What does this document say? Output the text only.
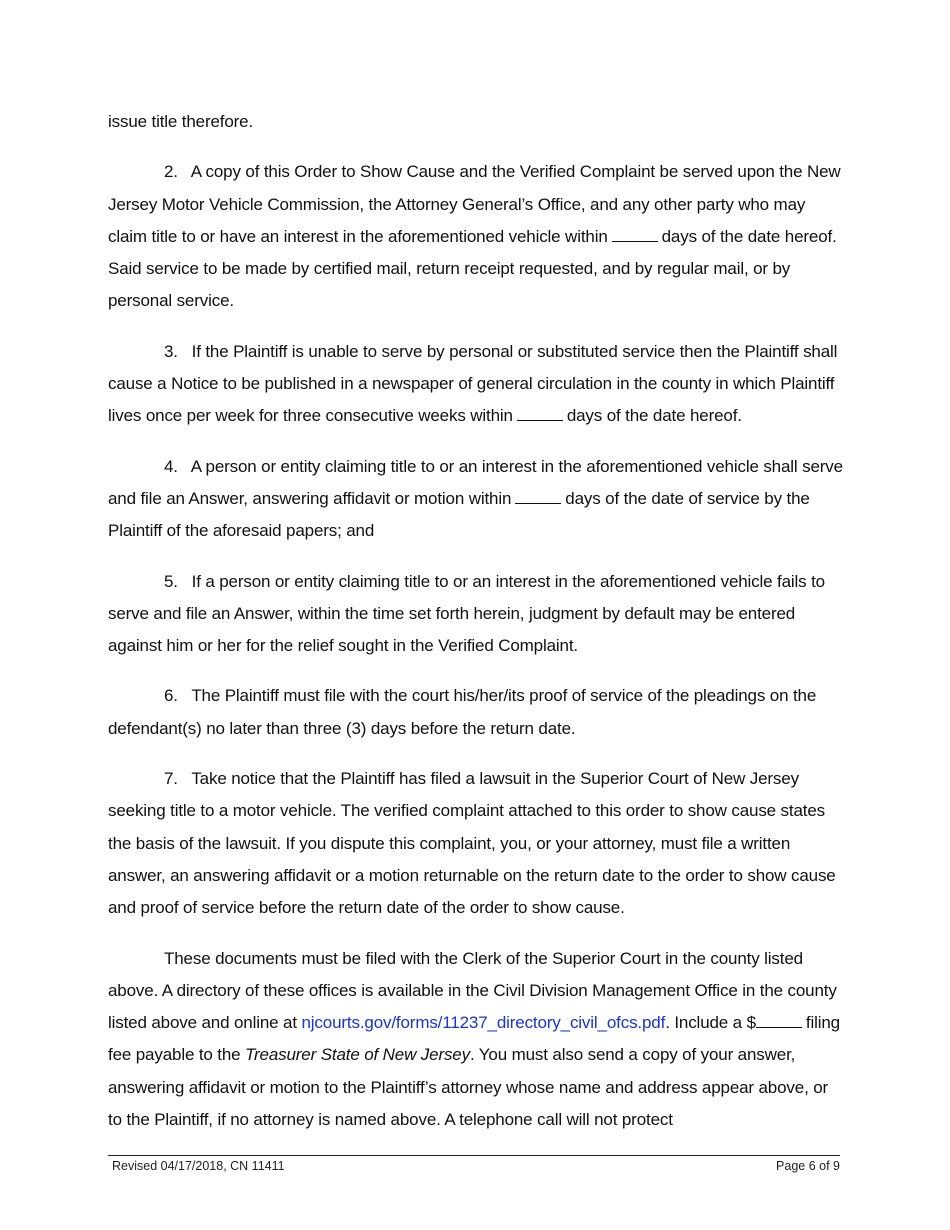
issue title therefore.

2. A copy of this Order to Show Cause and the Verified Complaint be served upon the New Jersey Motor Vehicle Commission, the Attorney General’s Office, and any other party who may claim title to or have an interest in the aforementioned vehicle within	days of the date hereof. Said service to be made by certified mail, return receipt requested, and by regular mail, or by personal service.

3. If the Plaintiff is unable to serve by personal or substituted service then the Plaintiff shall cause a Notice to be published in a newspaper of general circulation in the county in which Plaintiff lives once per week for three consecutive weeks within	days of the date hereof.

4. A person or entity claiming title to or an interest in the aforementioned vehicle shall serve and file an Answer, answering affidavit or motion within	days of the date of service by the Plaintiff of the aforesaid papers; and

5. If a person or entity claiming title to or an interest in the aforementioned vehicle fails to serve and file an Answer, within the time set forth herein, judgment by default may be entered against him or her for the relief sought in the Verified Complaint.

6. The Plaintiff must file with the court his/her/its proof of service of the pleadings on the defendant(s) no later than three (3) days before the return date.

7. Take notice that the Plaintiff has filed a lawsuit in the Superior Court of New Jersey seeking title to a motor vehicle. The verified complaint attached to this order to show cause states the basis of the lawsuit. If you dispute this complaint, you, or your attorney, must file a written answer, an answering affidavit or a motion returnable on the return date to the order to show cause and proof of service before the return date of the order to show cause.

These documents must be filed with the Clerk of the Superior Court in the county listed above. A directory of these offices is available in the Civil Division Management Office in the county listed above and online at njcourts.gov/forms/11237_directory_civil_ofcs.pdf. Include a $	filing fee payable to the Treasurer State of New Jersey. You must also send a copy of your answer, answering affidavit or motion to the Plaintiff’s attorney whose name and address appear above, or to the Plaintiff, if no attorney is named above. A telephone call will not protect

Revised 04/17/2018, CN 11411	Page 6 of 9
